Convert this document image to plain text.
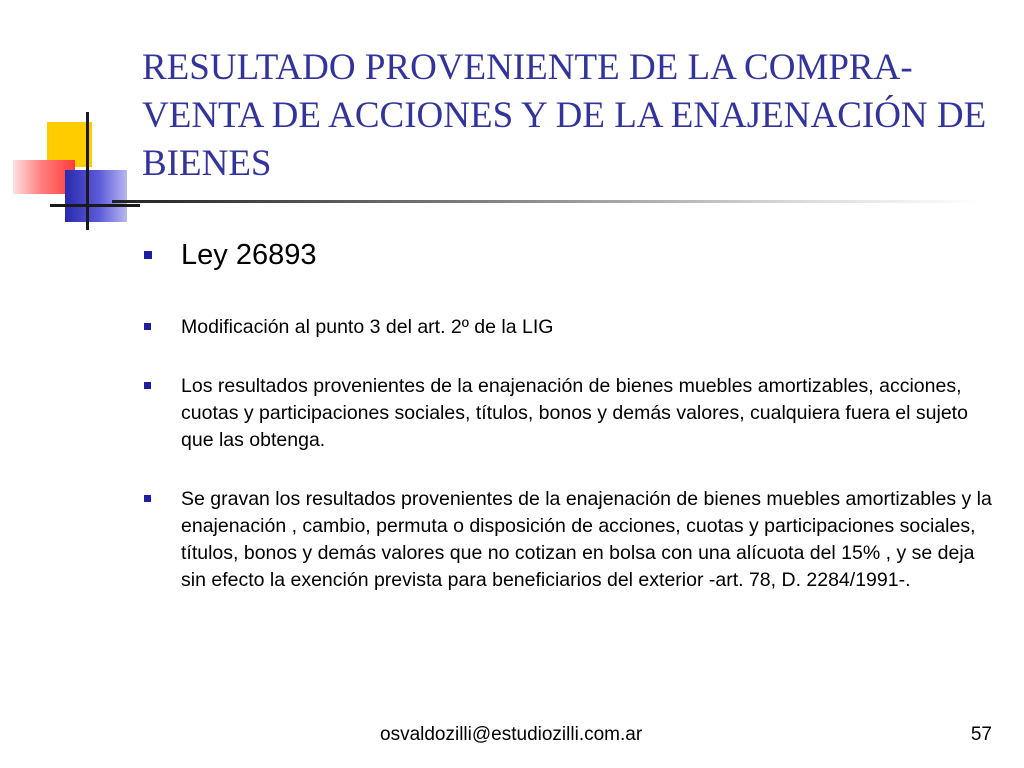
RESULTADO PROVENIENTE DE LA COMPRA-VENTA DE ACCIONES Y DE LA ENAJENACIÓN DE BIENES
Ley 26893
Modificación al punto 3 del art. 2º de la LIG
Los resultados provenientes de la enajenación de bienes muebles amortizables, acciones, cuotas y participaciones sociales, títulos, bonos y demás valores, cualquiera fuera el sujeto que las obtenga.
Se gravan los resultados provenientes de la enajenación de bienes muebles amortizables y la enajenación , cambio, permuta o disposición de acciones, cuotas y participaciones sociales, títulos, bonos y demás valores que no cotizan en bolsa con una alícuota del 15% , y se deja sin efecto la exención prevista para beneficiarios del exterior -art. 78, D. 2284/1991-.
osvaldozilli@estudiozilli.com.ar	57
